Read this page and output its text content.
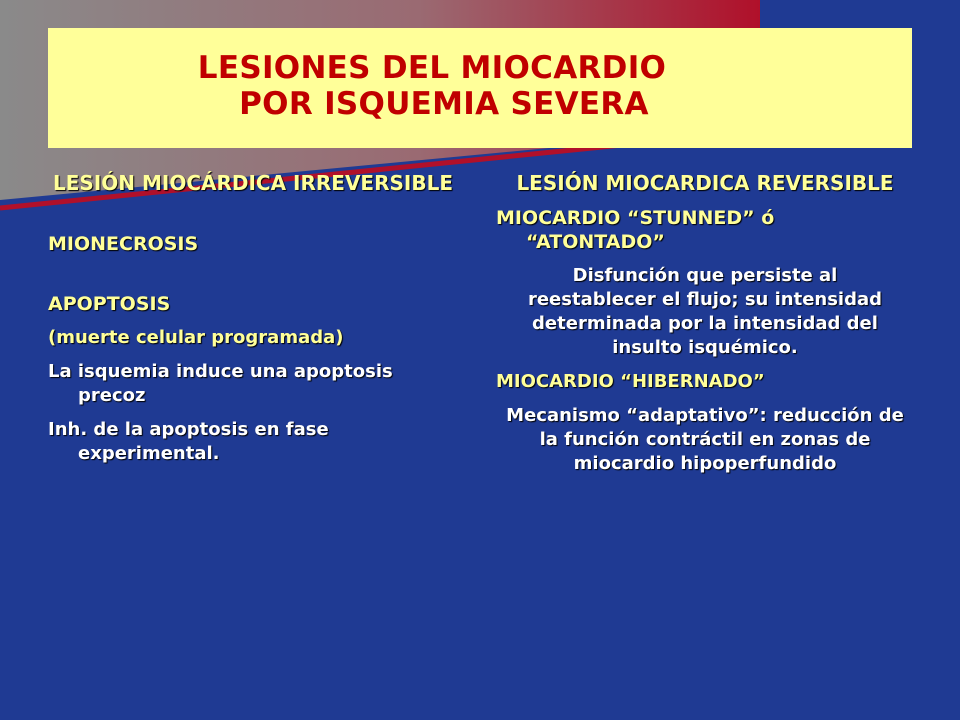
LESIONES DEL MIOCARDIO
POR ISQUEMIA SEVERA

LESIÓN MIOCÁRDICA IRREVERSIBLE

MIONECROSIS

APOPTOSIS

(muerte celular programada)

La isquemia induce una apoptosis precoz

Inh. de la apoptosis en fase experimental.

LESIÓN MIOCARDICA REVERSIBLE

MIOCARDIO “STUNNED” ó “ATONTADO”

Disfunción que persiste al reestablecer el flujo; su intensidad determinada por la intensidad del insulto isquémico.

MIOCARDIO “HIBERNADO”

Mecanismo “adaptativo”: reducción de la función contráctil en zonas de miocardio hipoperfundido
